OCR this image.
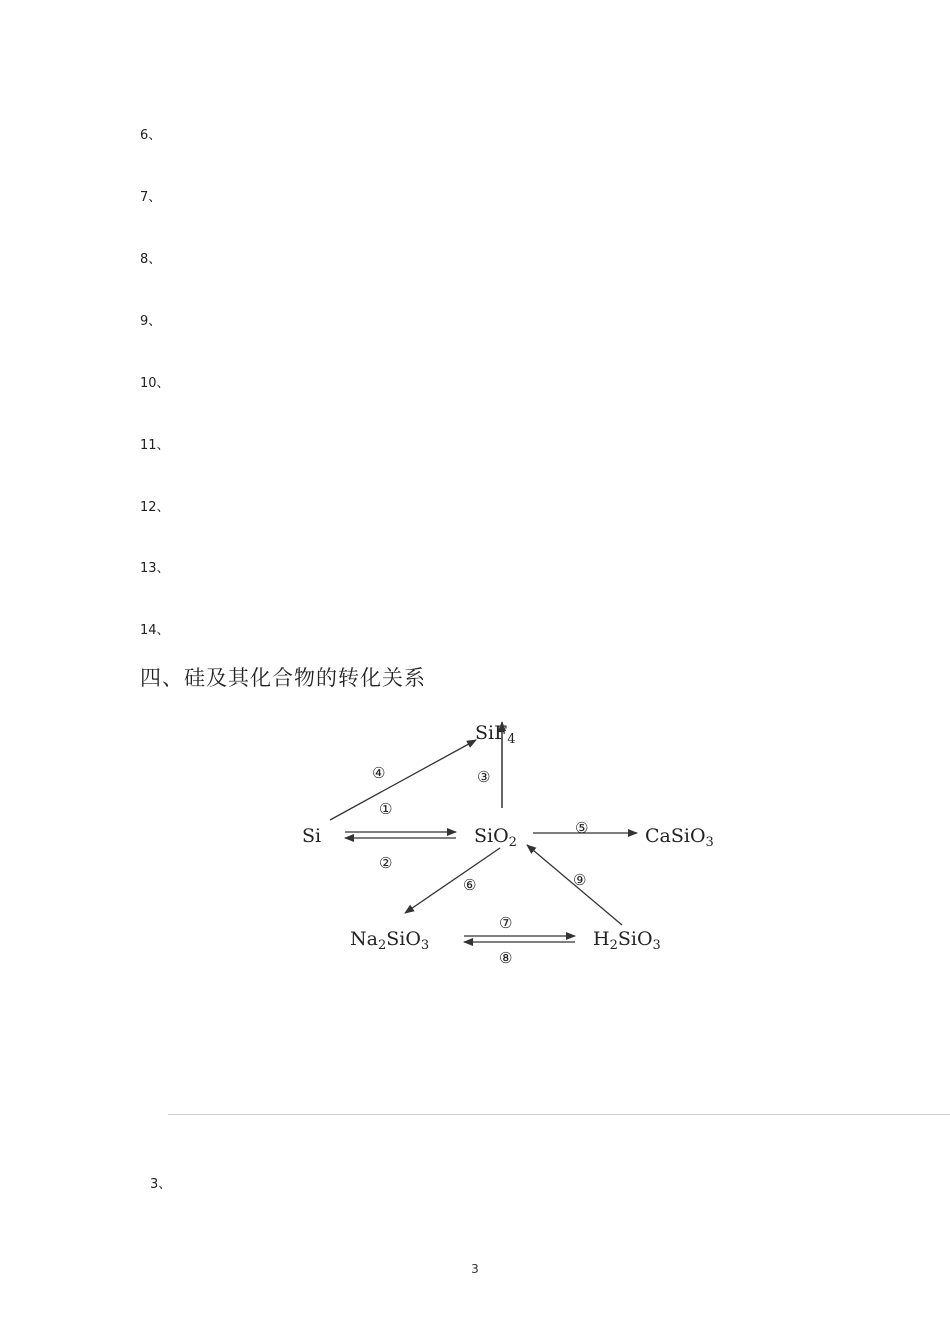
6、
7、
8、
9、
10、
11、
12、
13、
14、
四、硅及其化合物的转化关系
Si
SiF$_4$
SiO$_2$	CaSiO$_3$
$Na_2SiO_3$	$H_2SiO_3$
④	③
①
②
⑤
⑥	⑨
⑦
⑧
3、
3
